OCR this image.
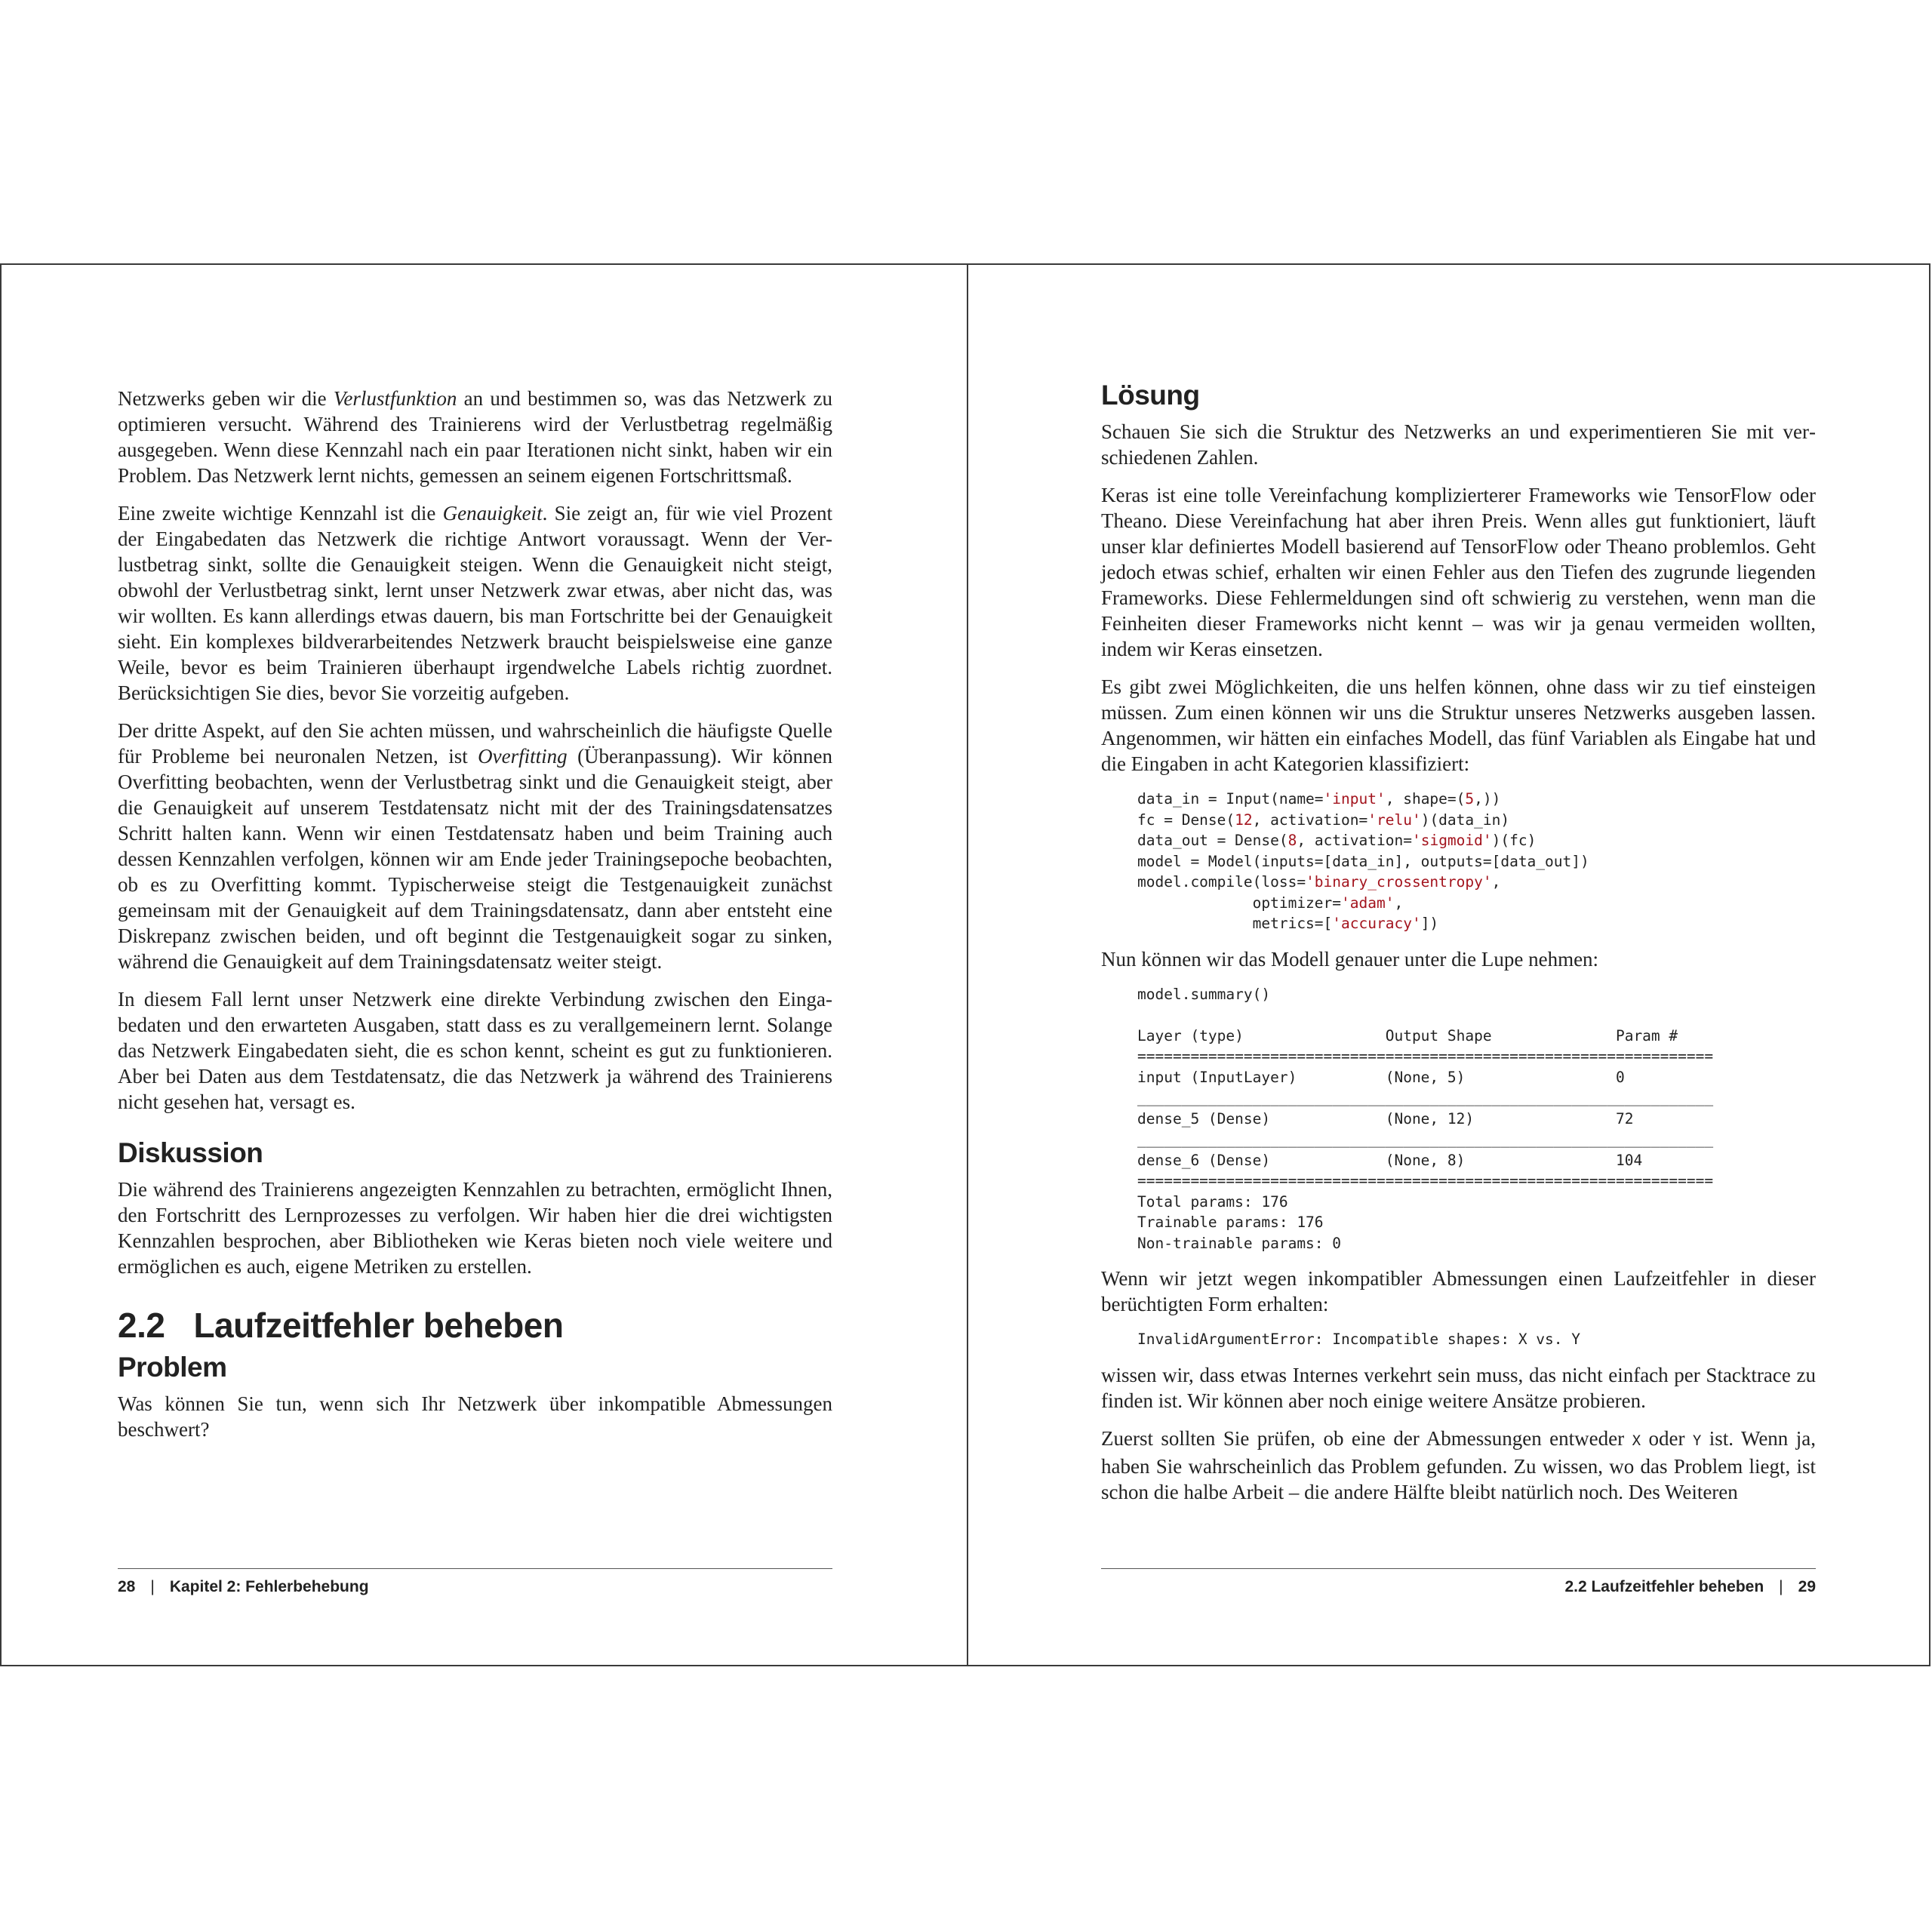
Netzwerks geben wir die Verlustfunktion an und bestimmen so, was das Netzwerk zu optimieren versucht. Während des Trainierens wird der Verlustbetrag regelmäßig ausgegeben. Wenn diese Kennzahl nach ein paar Iterationen nicht sinkt, haben wir ein Problem. Das Netzwerk lernt nichts, gemessen an seinem eigenen Fortschrittsmaß.

Eine zweite wichtige Kennzahl ist die Genauigkeit. Sie zeigt an, für wie viel Prozent der Eingabedaten das Netzwerk die richtige Antwort voraussagt. Wenn der Verlustbetrag sinkt, sollte die Genauigkeit steigen. Wenn die Genauigkeit nicht steigt, obwohl der Verlustbetrag sinkt, lernt unser Netzwerk zwar etwas, aber nicht das, was wir wollten. Es kann allerdings etwas dauern, bis man Fortschritte bei der Genauigkeit sieht. Ein komplexes bildverarbeitendes Netzwerk braucht beispielsweise eine ganze Weile, bevor es beim Trainieren überhaupt irgendwelche Labels richtig zuordnet. Berücksichtigen Sie dies, bevor Sie vorzeitig aufgeben.

Der dritte Aspekt, auf den Sie achten müssen, und wahrscheinlich die häufigste Quelle für Probleme bei neuronalen Netzen, ist Overfitting (Überanpassung). Wir können Overfitting beobachten, wenn der Verlustbetrag sinkt und die Genauigkeit steigt, aber die Genauigkeit auf unserem Testdatensatz nicht mit der des Trainingsdatensatzes Schritt halten kann. Wenn wir einen Testdatensatz haben und beim Training auch dessen Kennzahlen verfolgen, können wir am Ende jeder Trainingsepoche beobachten, ob es zu Overfitting kommt. Typischerweise steigt die Testgenauigkeit zunächst gemeinsam mit der Genauigkeit auf dem Trainingsdatensatz, dann aber entsteht eine Diskrepanz zwischen beiden, und oft beginnt die Testgenauigkeit sogar zu sinken, während die Genauigkeit auf dem Trainingsdatensatz weiter steigt.

In diesem Fall lernt unser Netzwerk eine direkte Verbindung zwischen den Eingabedaten und den erwarteten Ausgaben, statt dass es zu verallgemeinern lernt. Solange das Netzwerk Eingabedaten sieht, die es schon kennt, scheint es gut zu funktionieren. Aber bei Daten aus dem Testdatensatz, die das Netzwerk ja während des Trainierens nicht gesehen hat, versagt es.

Diskussion

Die während des Trainierens angezeigten Kennzahlen zu betrachten, ermöglicht Ihnen, den Fortschritt des Lernprozesses zu verfolgen. Wir haben hier die drei wichtigsten Kennzahlen besprochen, aber Bibliotheken wie Keras bieten noch viele weitere und ermöglichen es auch, eigene Metriken zu erstellen.

2.2 Laufzeitfehler beheben
Problem

Was können Sie tun, wenn sich Ihr Netzwerk über inkompatible Abmessungen beschwert?

28 | Kapitel 2: Fehlerbehebung
Lösung

Schauen Sie sich die Struktur des Netzwerks an und experimentieren Sie mit verschiedenen Zahlen.

Keras ist eine tolle Vereinfachung komplizierterer Frameworks wie TensorFlow oder Theano. Diese Vereinfachung hat aber ihren Preis. Wenn alles gut funktioniert, läuft unser klar definiertes Modell basierend auf TensorFlow oder Theano problemlos. Geht jedoch etwas schief, erhalten wir einen Fehler aus den Tiefen des zugrunde liegenden Frameworks. Diese Fehlermeldungen sind oft schwierig zu verstehen, wenn man die Feinheiten dieser Frameworks nicht kennt – was wir ja genau vermeiden wollten, indem wir Keras einsetzen.

Es gibt zwei Möglichkeiten, die uns helfen können, ohne dass wir zu tief einsteigen müssen. Zum einen können wir uns die Struktur unseres Netzwerks ausgeben lassen. Angenommen, wir hätten ein einfaches Modell, das fünf Variablen als Eingabe hat und die Eingaben in acht Kategorien klassifiziert:

data_in = Input(name='input', shape=(5,))
fc = Dense(12, activation='relu')(data_in)
data_out = Dense(8, activation='sigmoid')(fc)
model = Model(inputs=[data_in], outputs=[data_out])
model.compile(loss='binary_crossentropy',
optimizer='adam',
metrics=['accuracy'])

Nun können wir das Modell genauer unter die Lupe nehmen:

model.summary()

Layer (type)                Output Shape              Param #
=================================================================
input (InputLayer)          (None, 5)                 0
_________________________________________________________________
dense_5 (Dense)             (None, 12)                72
_________________________________________________________________
dense_6 (Dense)             (None, 8)                 104
=================================================================
Total params: 176
Trainable params: 176
Non-trainable params: 0

Wenn wir jetzt wegen inkompatibler Abmessungen einen Laufzeitfehler in dieser berüchtigten Form erhalten:

InvalidArgumentError: Incompatible shapes: X vs. Y

wissen wir, dass etwas Internes verkehrt sein muss, das nicht einfach per Stacktrace zu finden ist. Wir können aber noch einige weitere Ansätze probieren.

Zuerst sollten Sie prüfen, ob eine der Abmessungen entweder X oder Y ist. Wenn ja, haben Sie wahrscheinlich das Problem gefunden. Zu wissen, wo das Problem liegt, ist schon die halbe Arbeit – die andere Hälfte bleibt natürlich noch. Des Weiteren

2.2 Laufzeitfehler beheben | 29
